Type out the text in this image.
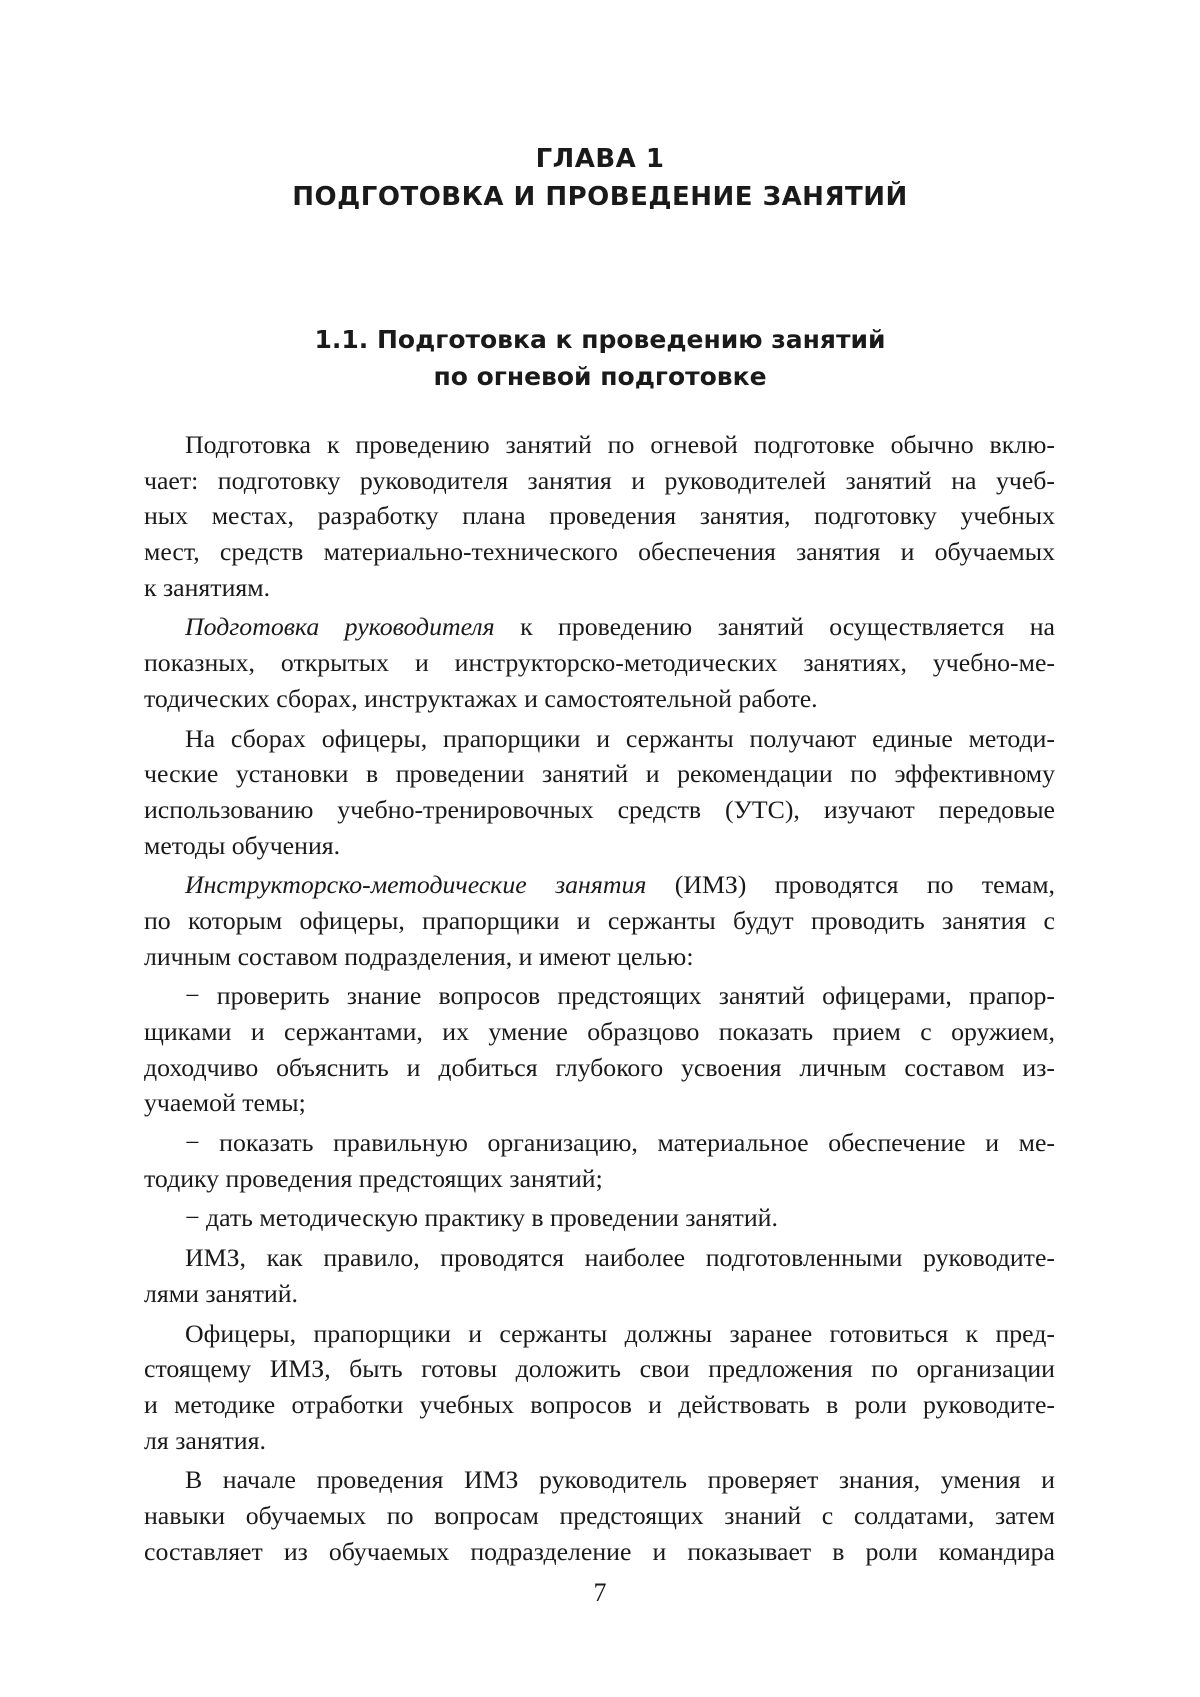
ГЛАВА 1
ПОДГОТОВКА И ПРОВЕДЕНИЕ ЗАНЯТИЙ
1.1. Подготовка к проведению занятий
по огневой подготовке
Подготовка к проведению занятий по огневой подготовке обычно вклю-
чает: подготовку руководителя занятия и руководителей занятий на учеб-
ных местах, разработку плана проведения занятия, подготовку учебных
мест, средств материально-технического обеспечения занятия и обучаемых
к занятиям.
Подготовка руководителя к проведению занятий осуществляется на
показных, открытых и инструкторско-методических занятиях, учебно-ме-
тодических сборах, инструктажах и самостоятельной работе.
На сборах офицеры, прапорщики и сержанты получают единые методи-
ческие установки в проведении занятий и рекомендации по эффективному
использованию учебно-тренировочных средств (УТС), изучают передовые
методы обучения.
Инструкторско-методические занятия (ИМЗ) проводятся по темам,
по которым офицеры, прапорщики и сержанты будут проводить занятия с
личным составом подразделения, и имеют целью:
− проверить знание вопросов предстоящих занятий офицерами, прапор-
щиками и сержантами, их умение образцово показать прием с оружием,
доходчиво объяснить и добиться глубокого усвоения личным составом из-
учаемой темы;
− показать правильную организацию, материальное обеспечение и ме-
тодику проведения предстоящих занятий;
− дать методическую практику в проведении занятий.
ИМЗ, как правило, проводятся наиболее подготовленными руководите-
лями занятий.
Офицеры, прапорщики и сержанты должны заранее готовиться к пред-
стоящему ИМЗ, быть готовы доложить свои предложения по организации
и методике отработки учебных вопросов и действовать в роли руководите-
ля занятия.
В начале проведения ИМЗ руководитель проверяет знания, умения и
навыки обучаемых по вопросам предстоящих знаний с солдатами, затем
составляет из обучаемых подразделение и показывает в роли командира
7
